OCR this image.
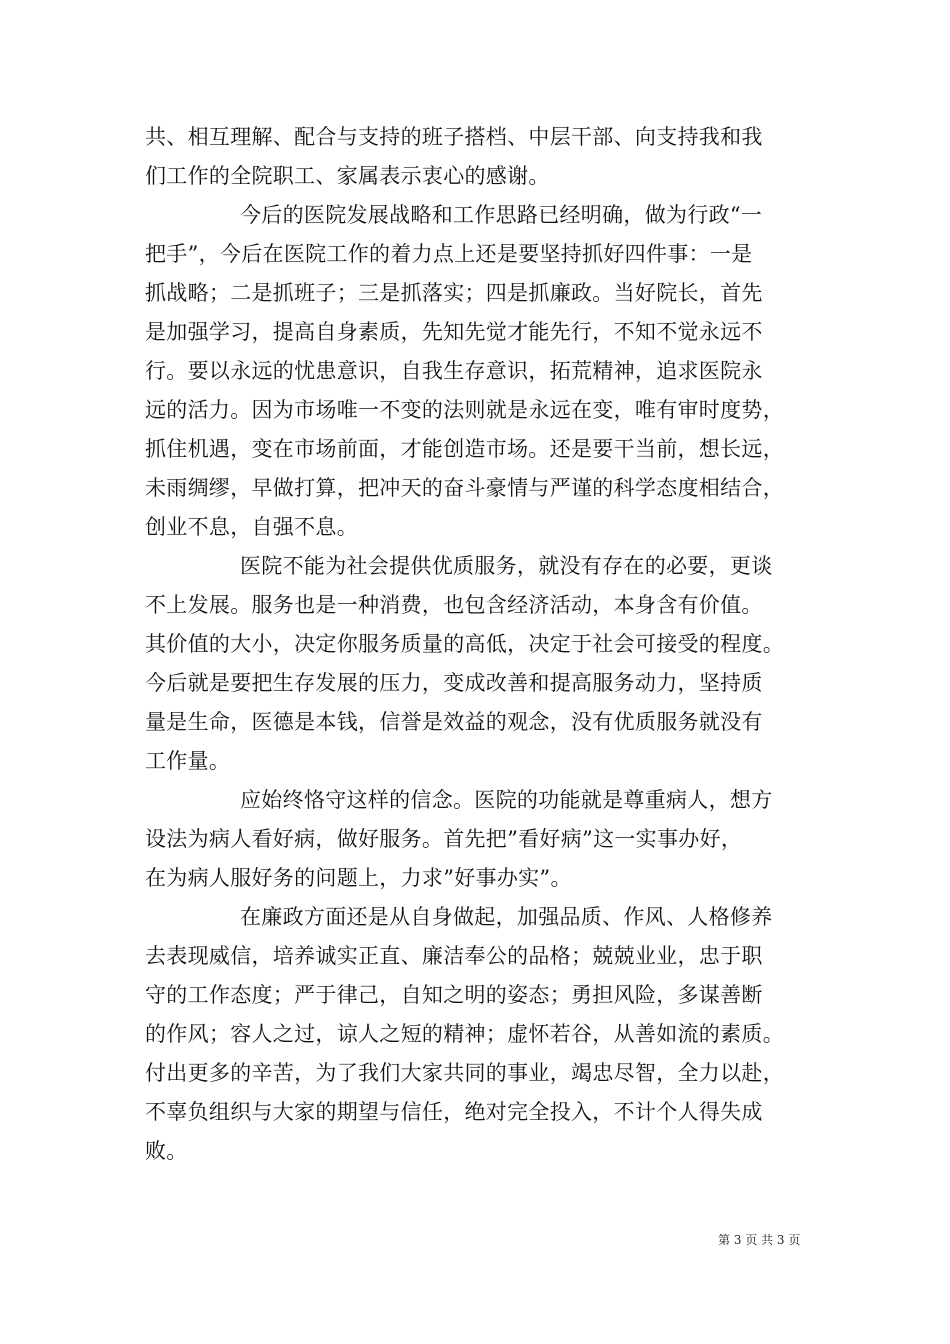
共、相互理解、配合与支持的班子搭档、中层干部、向支持我和我
们工作的全院职工、家属表示衷心的感谢。
今后的医院发展战略和工作思路已经明确，做为行政“一
把手”，今后在医院工作的着力点上还是要坚持抓好四件事：一是
抓战略；二是抓班子；三是抓落实；四是抓廉政。当好院长，首先
是加强学习，提高自身素质，先知先觉才能先行，不知不觉永远不
行。要以永远的忧患意识，自我生存意识，拓荒精神，追求医院永
远的活力。因为市场唯一不变的法则就是永远在变，唯有审时度势，
抓住机遇，变在市场前面，才能创造市场。还是要干当前，想长远，
未雨绸缪，早做打算，把冲天的奋斗豪情与严谨的科学态度相结合，
创业不息，自强不息。
医院不能为社会提供优质服务，就没有存在的必要，更谈
不上发展。服务也是一种消费，也包含经济活动，本身含有价值。
其价值的大小，决定你服务质量的高低，决定于社会可接受的程度。
今后就是要把生存发展的压力，变成改善和提高服务动力，坚持质
量是生命，医德是本钱，信誉是效益的观念，没有优质服务就没有
工作量。
应始终恪守这样的信念。医院的功能就是尊重病人，想方
设法为病人看好病，做好服务。首先把”看好病”这一实事办好，
在为病人服好务的问题上，力求”好事办实”。
在廉政方面还是从自身做起，加强品质、作风、人格修养
去表现威信，培养诚实正直、廉洁奉公的品格；兢兢业业，忠于职
守的工作态度；严于律己，自知之明的姿态；勇担风险，多谋善断
的作风；容人之过，谅人之短的精神；虚怀若谷，从善如流的素质。
付出更多的辛苦，为了我们大家共同的事业，竭忠尽智，全力以赴，
不辜负组织与大家的期望与信任，绝对完全投入，不计个人得失成
败。
第 3 页 共 3 页
